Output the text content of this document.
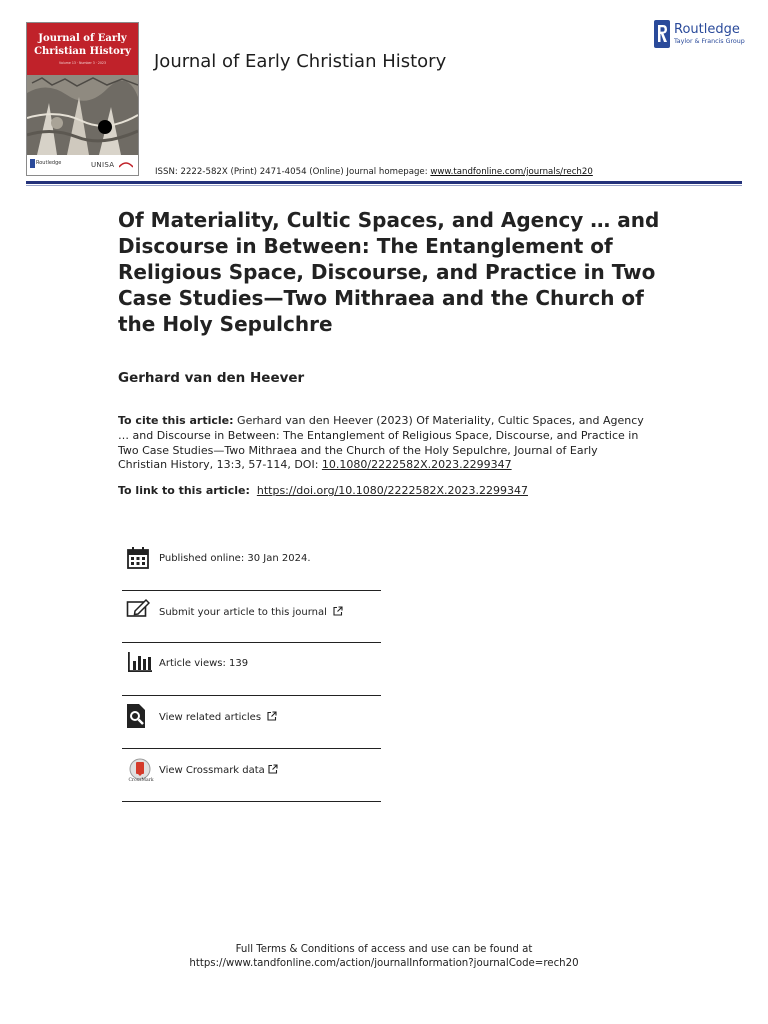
Journal of Early
Christian History
Volume 13 · Number 3 · 2023
Routledge	UNISA
Journal of Early Christian History
Routledge
Taylor & Francis Group
ISSN: 2222-582X (Print) 2471-4054 (Online) Journal homepage: www.tandfonline.com/journals/rech20
Of Materiality, Cultic Spaces, and Agency … and Discourse in Between: The Entanglement of Religious Space, Discourse, and Practice in Two Case Studies—Two Mithraea and the Church of the Holy Sepulchre
Gerhard van den Heever
To cite this article: Gerhard van den Heever (2023) Of Materiality, Cultic Spaces, and Agency … and Discourse in Between: The Entanglement of Religious Space, Discourse, and Practice in Two Case Studies—Two Mithraea and the Church of the Holy Sepulchre, Journal of Early Christian History, 13:3, 57-114, DOI: 10.1080/2222582X.2023.2299347
To link to this article: https://doi.org/10.1080/2222582X.2023.2299347
Published online: 30 Jan 2024.
Submit your article to this journal
Article views: 139
View related articles
CrossMark
View Crossmark data
Full Terms & Conditions of access and use can be found at
https://www.tandfonline.com/action/journalInformation?journalCode=rech20
